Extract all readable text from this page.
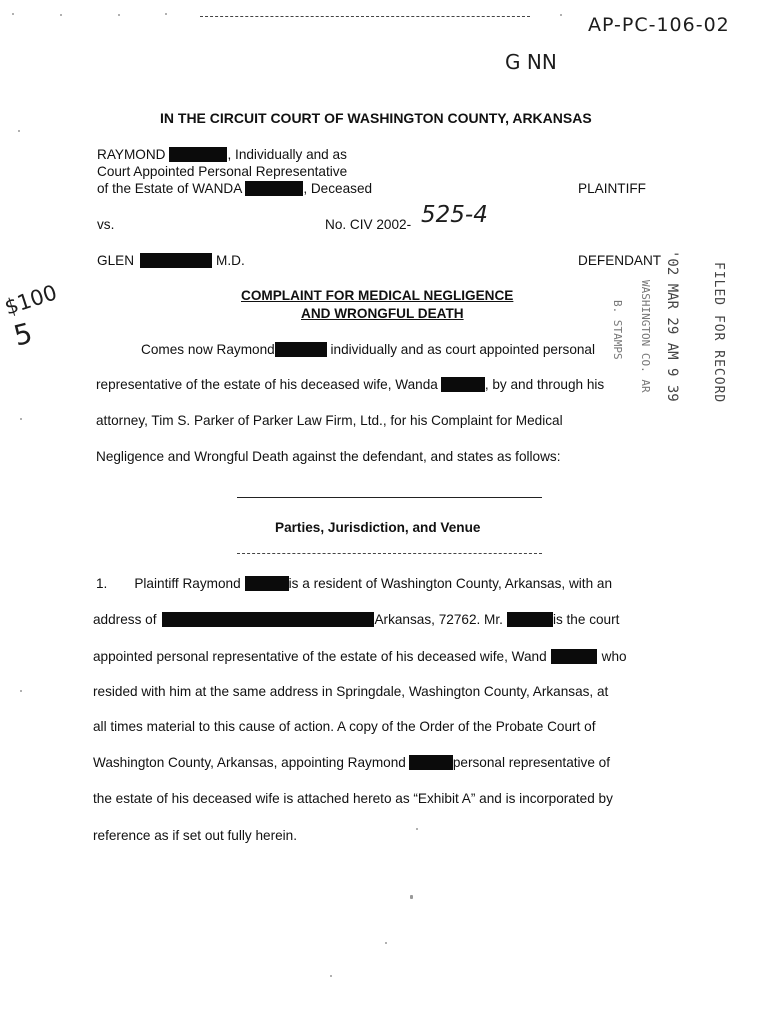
AP-PC-106-02
G NN
$100
5
IN THE CIRCUIT COURT OF WASHINGTON COUNTY, ARKANSAS
RAYMOND	, Individually and as
Court Appointed Personal Representative
of the Estate of WANDA	, Deceased	PLAINTIFF
vs.	No. CIV 2002- 525-4
GLEN	M.D.	DEFENDANT
COMPLAINT FOR MEDICAL NEGLIGENCE
AND WRONGFUL DEATH
Comes now Raymond	individually and as court appointed personal
representative of the estate of his deceased wife, Wanda	, by and through his
attorney, Tim S. Parker of Parker Law Firm, Ltd., for his Complaint for Medical
Negligence and Wrongful Death against the defendant, and states as follows:
Parties, Jurisdiction, and Venue
1. Plaintiff Raymond	is a resident of Washington County, Arkansas, with an
address of	Arkansas, 72762. Mr.	is the court
appointed personal representative of the estate of his deceased wife, Wand	who
resided with him at the same address in Springdale, Washington County, Arkansas, at
all times material to this cause of action. A copy of the Order of the Probate Court of
Washington County, Arkansas, appointing Raymond	personal representative of
the estate of his deceased wife is attached hereto as “Exhibit A” and is incorporated by
reference as if set out fully herein.
'02 MAR 29 AM 9 39 FILED FOR RECORD
WASHINGTON CO. AR
B. STAMPS
